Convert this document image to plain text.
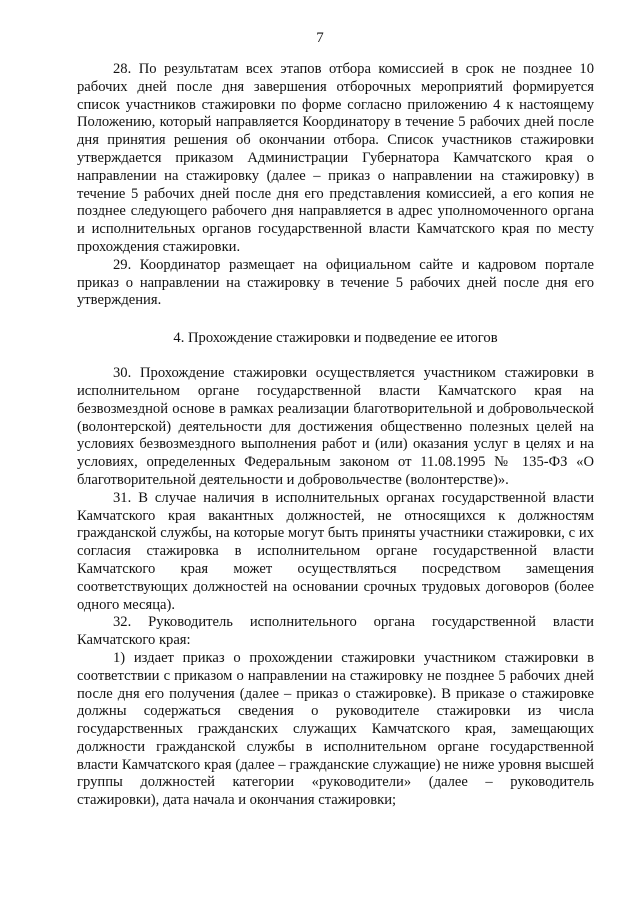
7

28. По результатам всех этапов отбора комиссией в срок не позднее 10 рабочих дней после дня завершения отборочных мероприятий формируется список участников стажировки по форме согласно приложению 4 к настоящему Положению, который направляется Координатору в течение 5 рабочих дней после дня принятия решения об окончании отбора. Список участников стажировки утверждается приказом Администрации Губернатора Камчатского края о направлении на стажировку (далее – приказ о направлении на стажировку) в течение 5 рабочих дней после дня его представления комиссией, а его копия не позднее следующего рабочего дня направляется в адрес уполномоченного органа и исполнительных органов государственной власти Камчатского края по месту прохождения стажировки.

29. Координатор размещает на официальном сайте и кадровом портале приказ о направлении на стажировку в течение 5 рабочих дней после дня его утверждения.

4. Прохождение стажировки и подведение ее итогов

30. Прохождение стажировки осуществляется участником стажировки в исполнительном органе государственной власти Камчатского края на безвозмездной основе в рамках реализации благотворительной и добровольческой (волонтерской) деятельности для достижения общественно полезных целей на условиях безвозмездного выполнения работ и (или) оказания услуг в целях и на условиях, определенных Федеральным законом от 11.08.1995 № 135-ФЗ «О благотворительной деятельности и добровольчестве (волонтерстве)».

31. В случае наличия в исполнительных органах государственной власти Камчатского края вакантных должностей, не относящихся к должностям гражданской службы, на которые могут быть приняты участники стажировки, с их согласия стажировка в исполнительном органе государственной власти Камчатского края может осуществляться посредством замещения соответствующих должностей на основании срочных трудовых договоров (более одного месяца).

32. Руководитель исполнительного органа государственной власти Камчатского края:

1) издает приказ о прохождении стажировки участником стажировки в соответствии с приказом о направлении на стажировку не позднее 5 рабочих дней после дня его получения (далее – приказ о стажировке). В приказе о стажировке должны содержаться сведения о руководителе стажировки из числа государственных гражданских служащих Камчатского края, замещающих должности гражданской службы в исполнительном органе государственной власти Камчатского края (далее – гражданские служащие) не ниже уровня высшей группы должностей категории «руководители» (далее – руководитель стажировки), дата начала и окончания стажировки;
